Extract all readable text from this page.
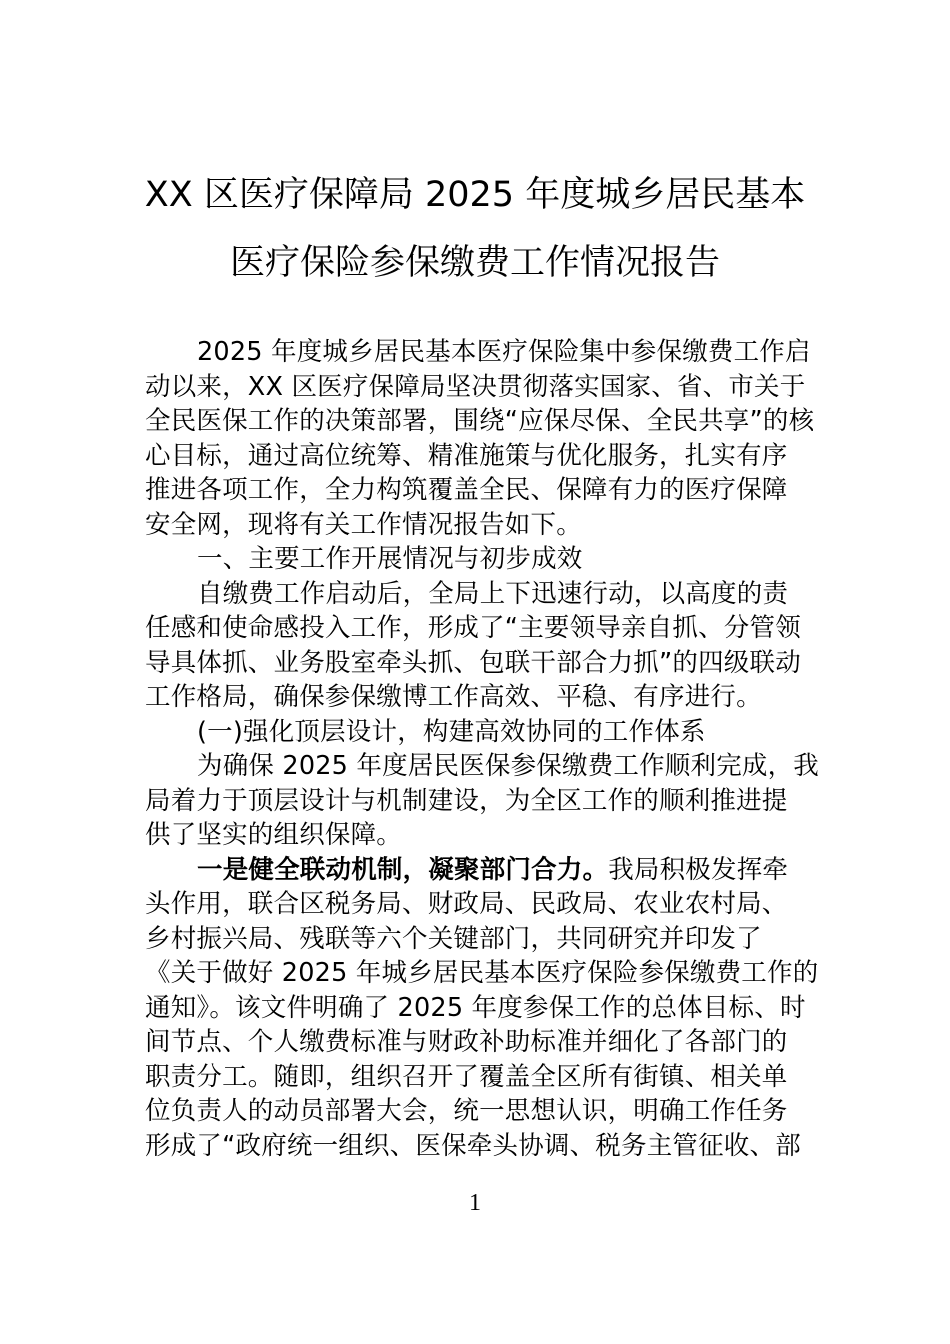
XX 区医疗保障局 2025 年度城乡居民基本
医疗保险参保缴费工作情况报告
2025 年度城乡居民基本医疗保险集中参保缴费工作启
动以来，XX 区医疗保障局坚决贯彻落实国家、省、市关于
全民医保工作的决策部署，围绕“应保尽保、全民共享”的核
心目标，通过高位统筹、精准施策与优化服务，扎实有序
推进各项工作，全力构筑覆盖全民、保障有力的医疗保障
安全网，现将有关工作情况报告如下。
一、主要工作开展情况与初步成效
自缴费工作启动后，全局上下迅速行动，以高度的责
任感和使命感投入工作，形成了“主要领导亲自抓、分管领
导具体抓、业务股室牵头抓、包联干部合力抓”的四级联动
工作格局，确保参保缴博工作高效、平稳、有序进行。
(一)强化顶层设计，构建高效协同的工作体系
为确保 2025 年度居民医保参保缴费工作顺利完成，我
局着力于顶层设计与机制建设，为全区工作的顺利推进提
供了坚实的组织保障。
一是健全联动机制，凝聚部门合力。我局积极发挥牵
头作用，联合区税务局、财政局、民政局、农业农村局、
乡村振兴局、残联等六个关键部门，共同研究并印发了
《关于做好 2025 年城乡居民基本医疗保险参保缴费工作的
通知》。该文件明确了 2025 年度参保工作的总体目标、时
间节点、个人缴费标准与财政补助标准并细化了各部门的
职责分工。随即，组织召开了覆盖全区所有街镇、相关单
位负责人的动员部署大会，统一思想认识，明确工作任务
形成了“政府统一组织、医保牵头协调、税务主管征收、部
1
